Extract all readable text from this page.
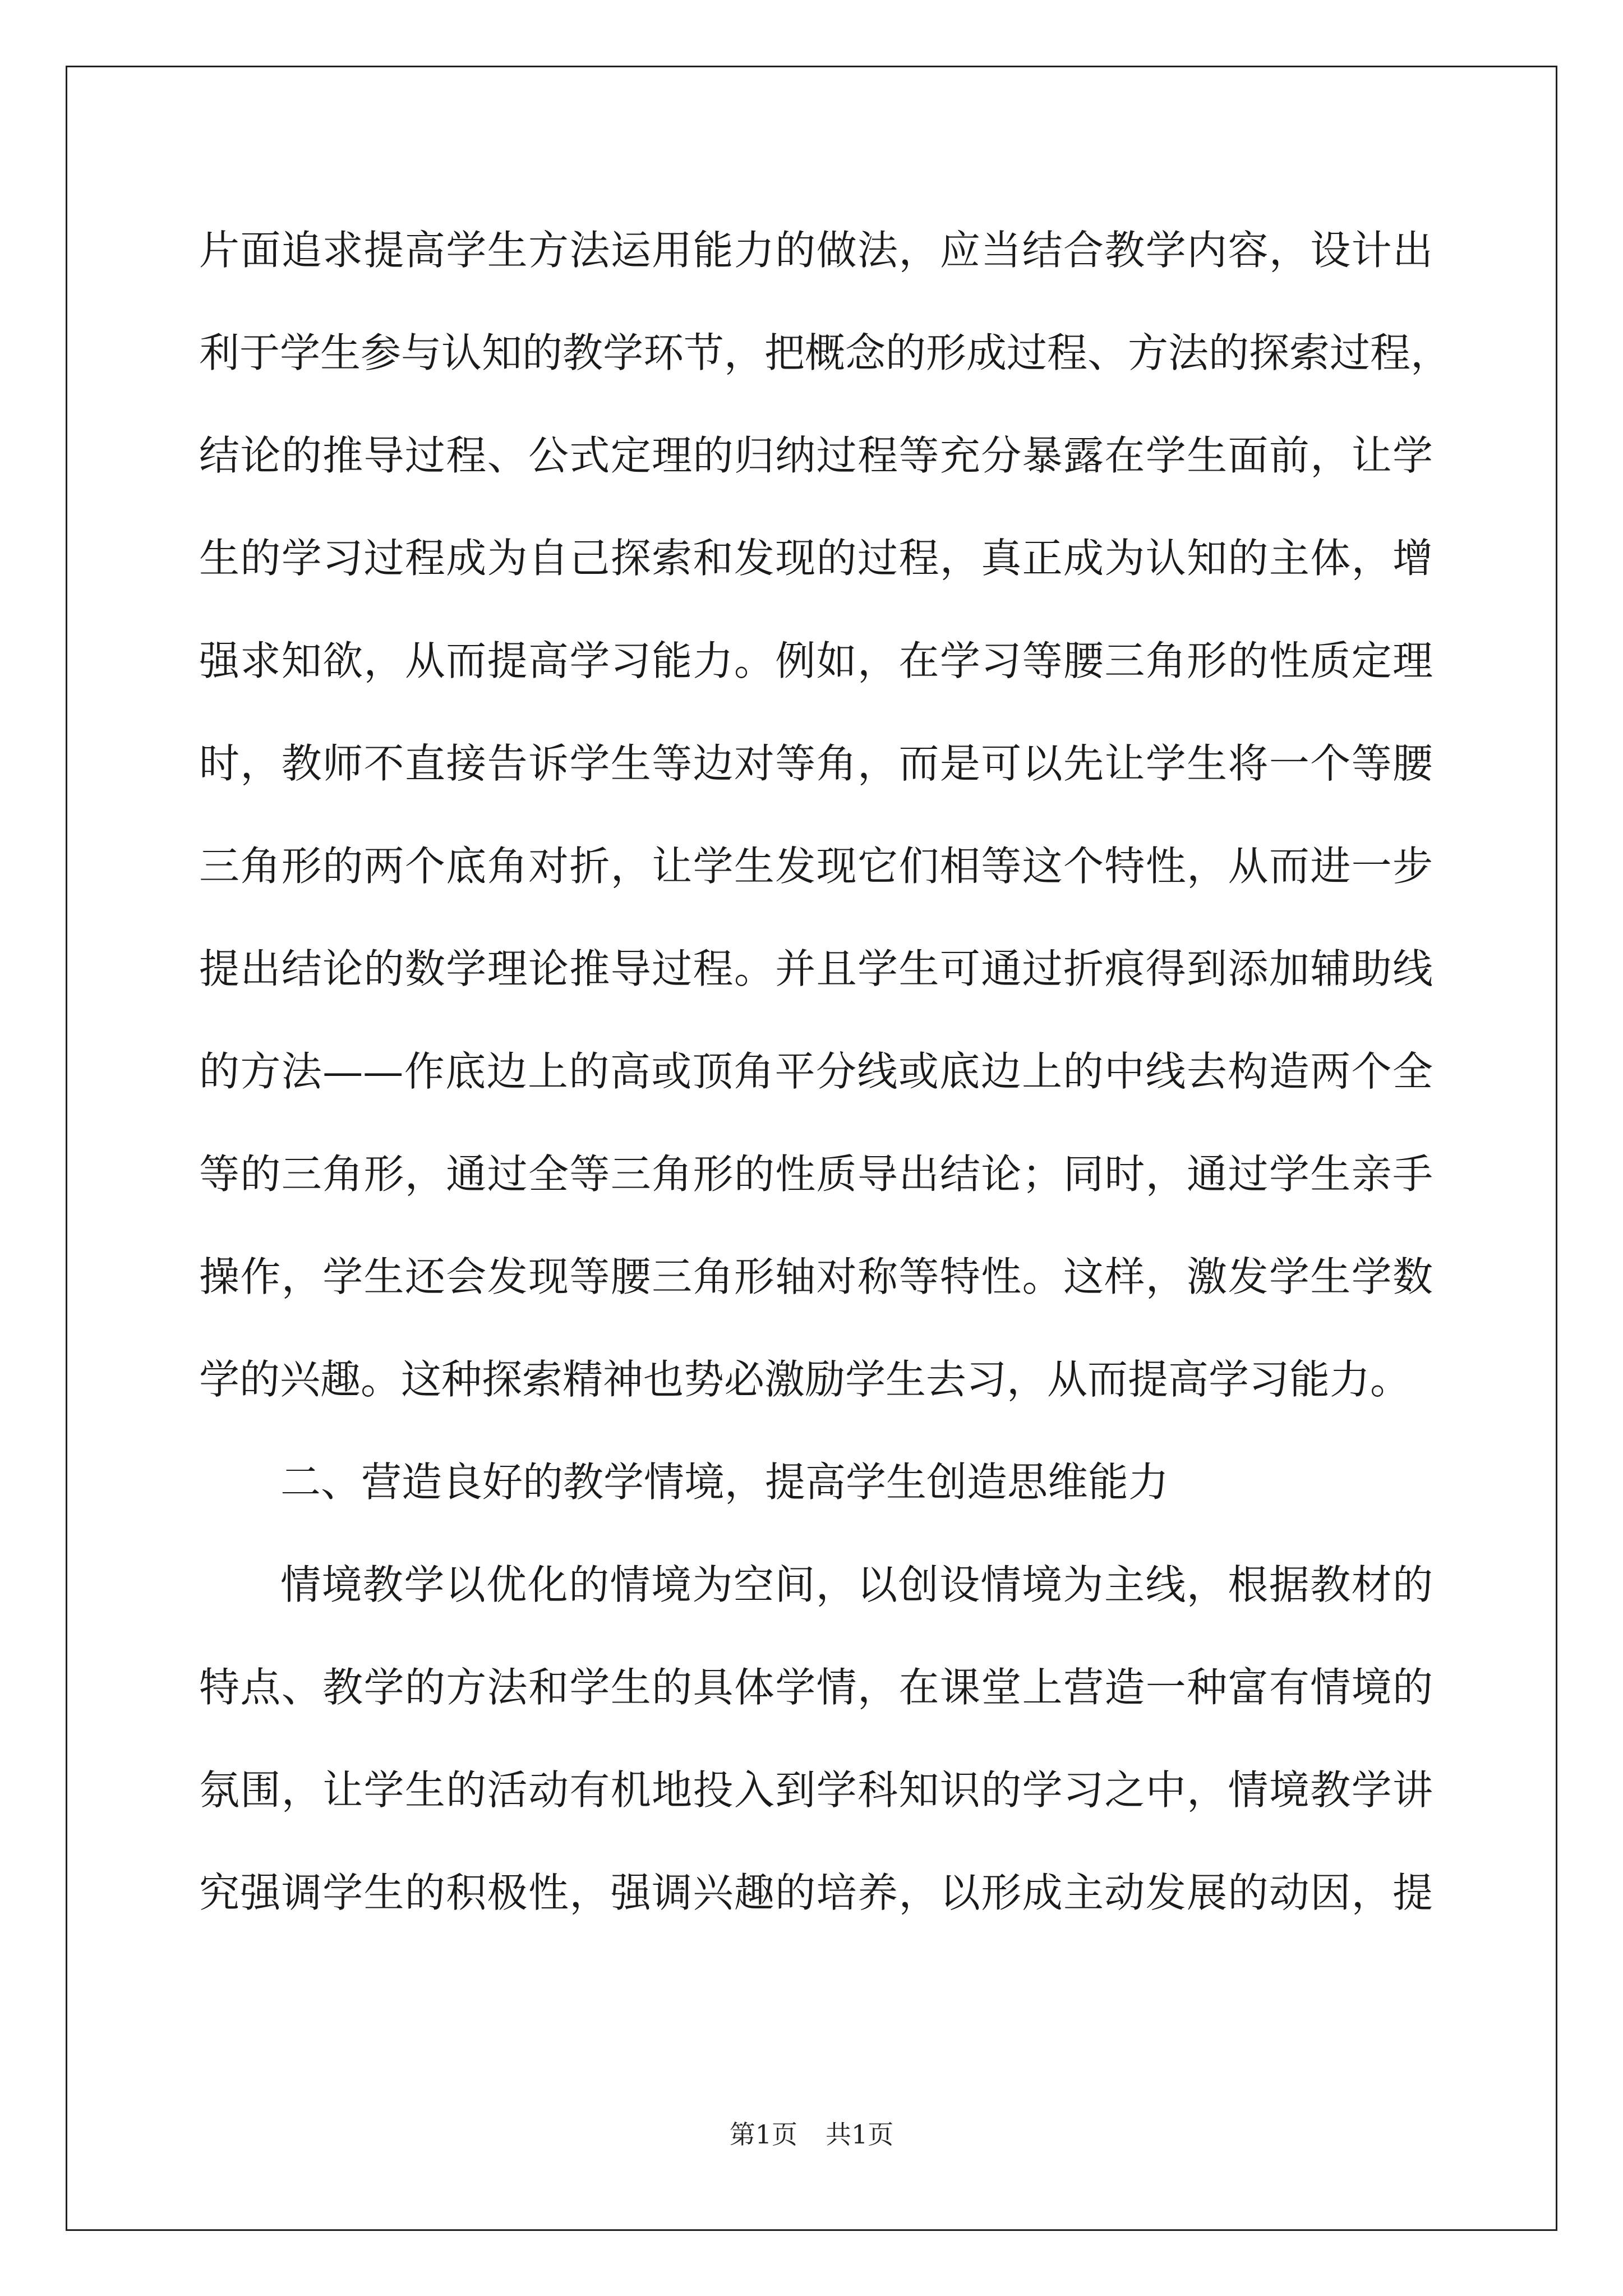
片面追求提高学生方法运用能力的做法，应当结合教学内容，设计出
利于学生参与认知的教学环节，把概念的形成过程、方法的探索过程，
结论的推导过程、公式定理的归纳过程等充分暴露在学生面前，让学
生的学习过程成为自己探索和发现的过程，真正成为认知的主体，增
强求知欲，从而提高学习能力。例如，在学习等腰三角形的性质定理
时，教师不直接告诉学生等边对等角，而是可以先让学生将一个等腰
三角形的两个底角对折，让学生发现它们相等这个特性，从而进一步
提出结论的数学理论推导过程。并且学生可通过折痕得到添加辅助线
的方法——作底边上的高或顶角平分线或底边上的中线去构造两个全
等的三角形，通过全等三角形的性质导出结论；同时，通过学生亲手
操作，学生还会发现等腰三角形轴对称等特性。这样，激发学生学数
学的兴趣。这种探索精神也势必激励学生去习，从而提高学习能力。
二、营造良好的教学情境，提高学生创造思维能力
情境教学以优化的情境为空间，以创设情境为主线，根据教材的
特点、教学的方法和学生的具体学情，在课堂上营造一种富有情境的
氛围，让学生的活动有机地投入到学科知识的学习之中，情境教学讲
究强调学生的积极性，强调兴趣的培养，以形成主动发展的动因，提
第1页 共1页
